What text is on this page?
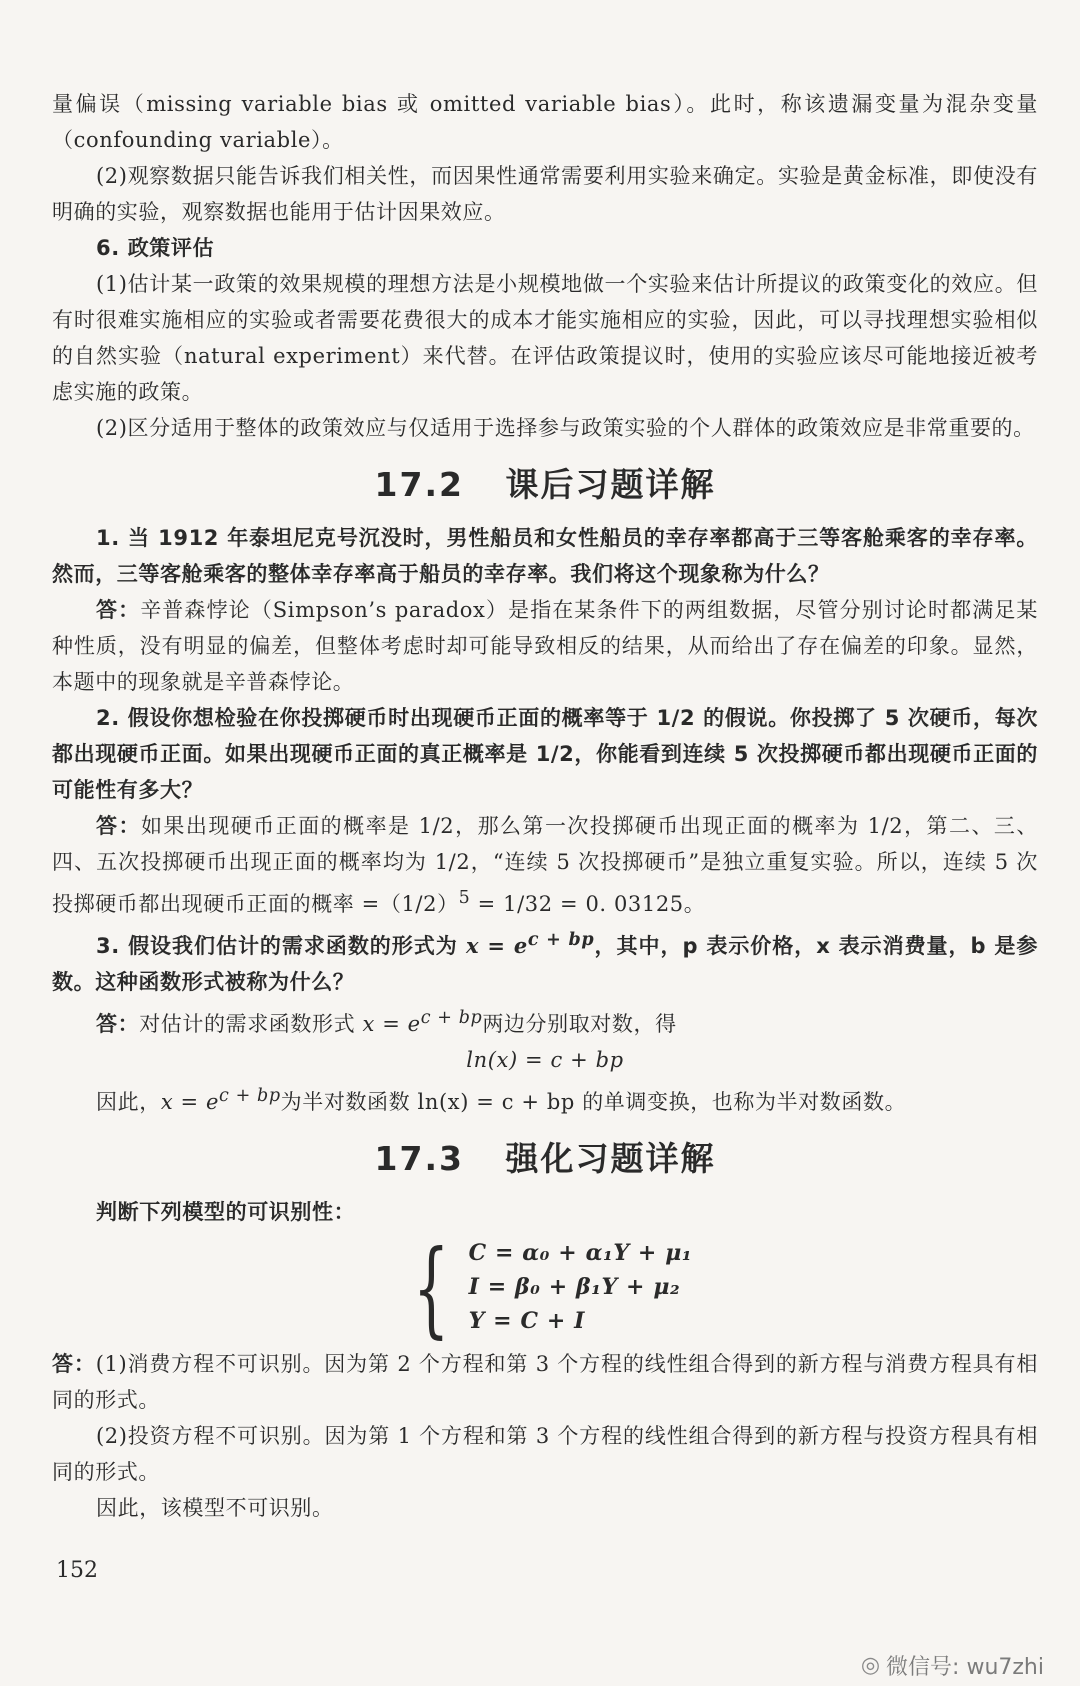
量偏误（missing variable bias 或 omitted variable bias）。此时，称该遗漏变量为混杂变量（confounding variable）。

(2)观察数据只能告诉我们相关性，而因果性通常需要利用实验来确定。实验是黄金标准，即使没有明确的实验，观察数据也能用于估计因果效应。

6. 政策评估

(1)估计某一政策的效果规模的理想方法是小规模地做一个实验来估计所提议的政策变化的效应。但有时很难实施相应的实验或者需要花费很大的成本才能实施相应的实验，因此，可以寻找理想实验相似的自然实验（natural experiment）来代替。在评估政策提议时，使用的实验应该尽可能地接近被考虑实施的政策。

(2)区分适用于整体的政策效应与仅适用于选择参与政策实验的个人群体的政策效应是非常重要的。

17.2 课后习题详解

1. 当 1912 年泰坦尼克号沉没时，男性船员和女性船员的幸存率都高于三等客舱乘客的幸存率。然而，三等客舱乘客的整体幸存率高于船员的幸存率。我们将这个现象称为什么？

答：辛普森悖论（Simpson’s paradox）是指在某条件下的两组数据，尽管分别讨论时都满足某种性质，没有明显的偏差，但整体考虑时却可能导致相反的结果，从而给出了存在偏差的印象。显然，本题中的现象就是辛普森悖论。

2. 假设你想检验在你投掷硬币时出现硬币正面的概率等于 1/2 的假说。你投掷了 5 次硬币，每次都出现硬币正面。如果出现硬币正面的真正概率是 1/2，你能看到连续 5 次投掷硬币都出现硬币正面的可能性有多大？

答：如果出现硬币正面的概率是 1/2，那么第一次投掷硬币出现正面的概率为 1/2，第二、三、四、五次投掷硬币出现正面的概率均为 1/2，“连续 5 次投掷硬币”是独立重复实验。所以，连续 5 次投掷硬币都出现硬币正面的概率 $=(1/2)^5 = 1/32 = 0$. 03125。

3. 假设我们估计的需求函数的形式为 $x = e^{c + bp}$，其中，p 表示价格，x 表示消费量，b 是参数。这种函数形式被称为什么？

答：对估计的需求函数形式 $x = e^{c + bp}$两边分别取对数，得

ln(x) = c + bp

因此，$x = e^{c + bp}$为半对数函数 ln(x) = c + bp 的单调变换，也称为半对数函数。

17.3 强化习题详解

判断下列模型的可识别性：

{ C = α₀ + α₁Y + μ₁
I = β₀ + β₁Y + μ₂
Y = C + I

答：(1)消费方程不可识别。因为第 2 个方程和第 3 个方程的线性组合得到的新方程与消费方程具有相同的形式。

(2)投资方程不可识别。因为第 1 个方程和第 3 个方程的线性组合得到的新方程与投资方程具有相同的形式。

因此，该模型不可识别。

152
◎ 微信号: wu7zhi
